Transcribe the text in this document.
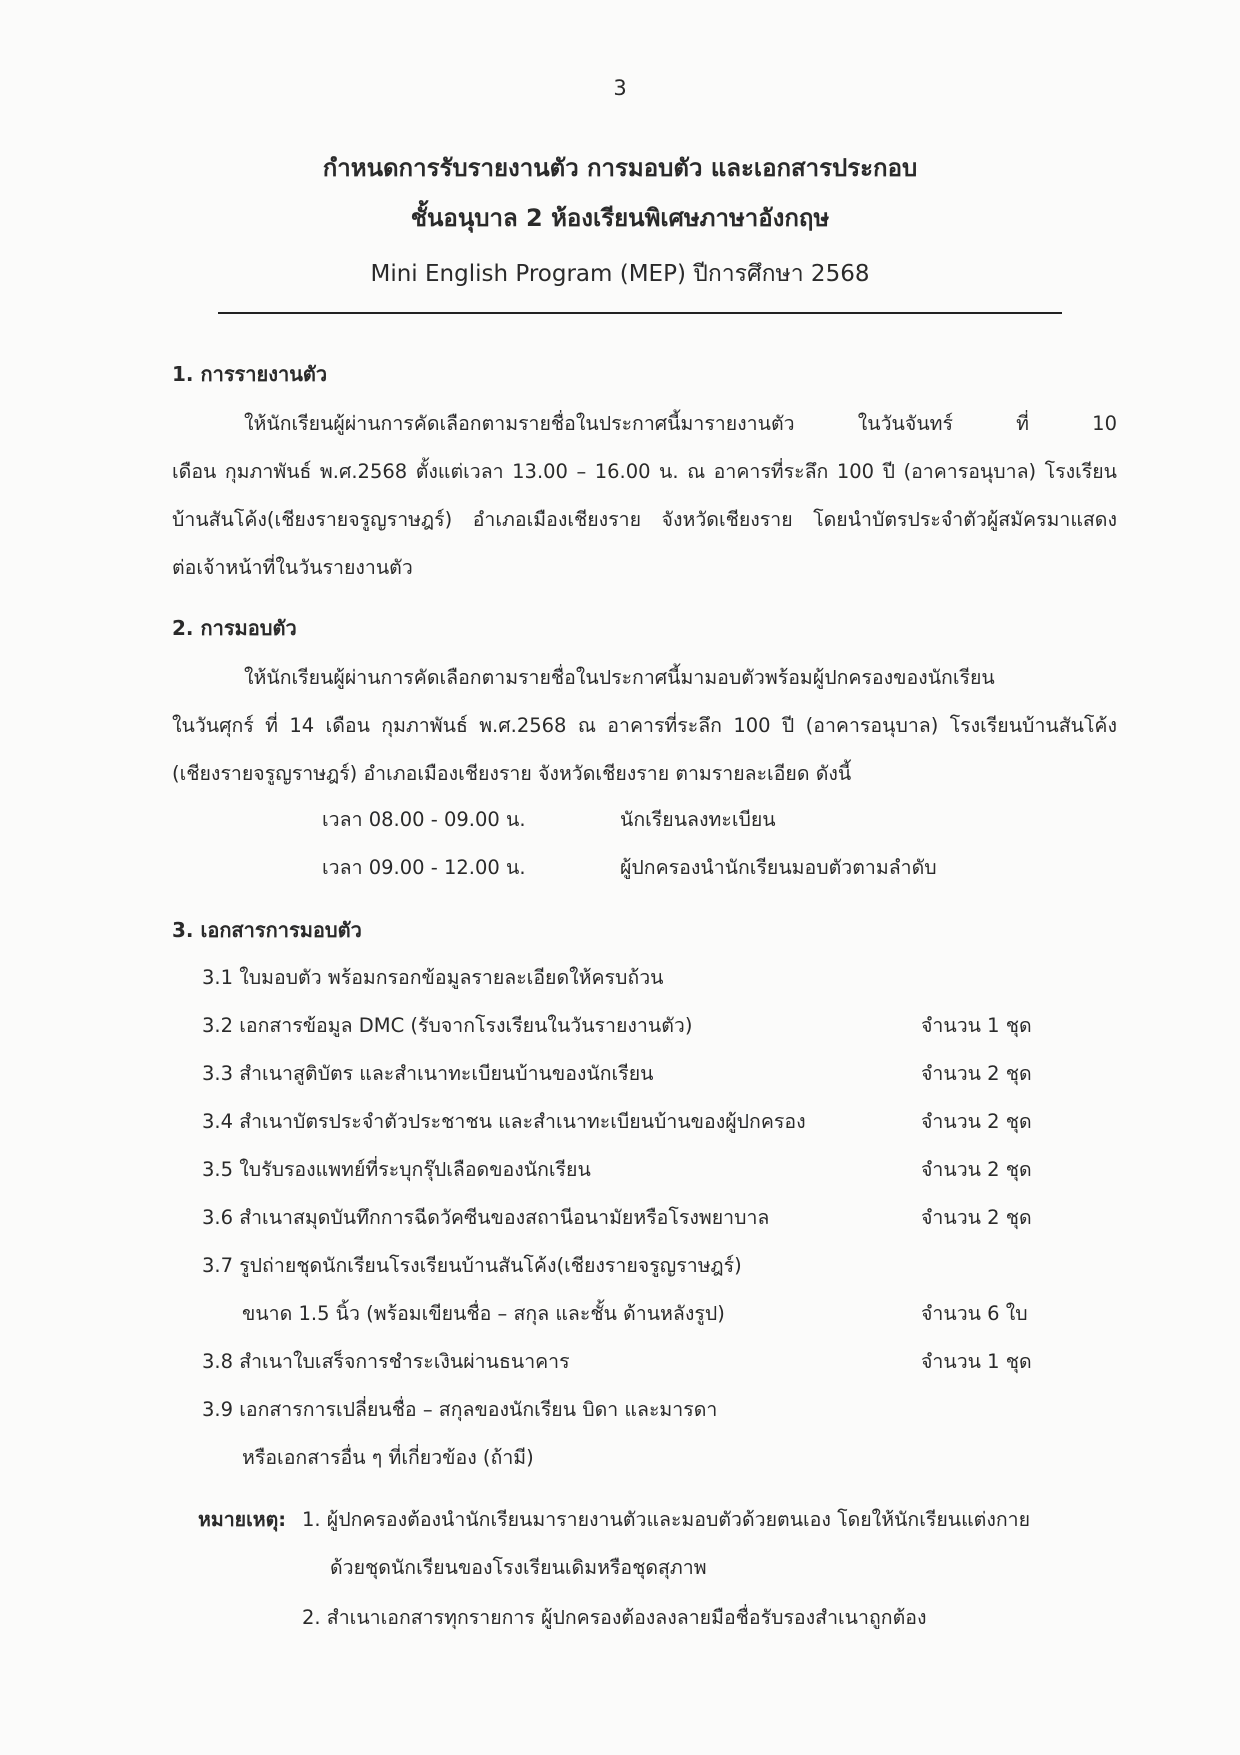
3
กำหนดการรับรายงานตัว การมอบตัว และเอกสารประกอบ
ชั้นอนุบาล 2 ห้องเรียนพิเศษภาษาอังกฤษ
Mini English Program (MEP) ปีการศึกษา 2568
1. การรายงานตัว
ให้นักเรียนผู้ผ่านการคัดเลือกตามรายชื่อในประกาศนี้มารายงานตัว ในวันจันทร์ ที่ 10
เดือน กุมภาพันธ์ พ.ศ.2568 ตั้งแต่เวลา 13.00 – 16.00 น. ณ อาคารที่ระลึก 100 ปี (อาคารอนุบาล) โรงเรียน
บ้านสันโค้ง(เชียงรายจรูญราษฎร์) อำเภอเมืองเชียงราย จังหวัดเชียงราย โดยนำบัตรประจำตัวผู้สมัครมาแสดง
ต่อเจ้าหน้าที่ในวันรายงานตัว
2. การมอบตัว
ให้นักเรียนผู้ผ่านการคัดเลือกตามรายชื่อในประกาศนี้มามอบตัวพร้อมผู้ปกครองของนักเรียน
ในวันศุกร์ ที่ 14 เดือน กุมภาพันธ์ พ.ศ.2568 ณ อาคารที่ระลึก 100 ปี (อาคารอนุบาล) โรงเรียนบ้านสันโค้ง
(เชียงรายจรูญราษฎร์) อำเภอเมืองเชียงราย จังหวัดเชียงราย ตามรายละเอียด ดังนี้
เวลา 08.00 - 09.00 น.	นักเรียนลงทะเบียน
เวลา 09.00 - 12.00 น.	ผู้ปกครองนำนักเรียนมอบตัวตามลำดับ
3. เอกสารการมอบตัว
3.1 ใบมอบตัว พร้อมกรอกข้อมูลรายละเอียดให้ครบถ้วน
3.2 เอกสารข้อมูล DMC (รับจากโรงเรียนในวันรายงานตัว)	จำนวน 1 ชุด
3.3 สำเนาสูติบัตร และสำเนาทะเบียนบ้านของนักเรียน	จำนวน 2 ชุด
3.4 สำเนาบัตรประจำตัวประชาชน และสำเนาทะเบียนบ้านของผู้ปกครอง	จำนวน 2 ชุด
3.5 ใบรับรองแพทย์ที่ระบุกรุ๊ปเลือดของนักเรียน	จำนวน 2 ชุด
3.6 สำเนาสมุดบันทึกการฉีดวัคซีนของสถานีอนามัยหรือโรงพยาบาล	จำนวน 2 ชุด
3.7 รูปถ่ายชุดนักเรียนโรงเรียนบ้านสันโค้ง(เชียงรายจรูญราษฎร์)
ขนาด 1.5 นิ้ว (พร้อมเขียนชื่อ – สกุล และชั้น ด้านหลังรูป)	จำนวน 6 ใบ
3.8 สำเนาใบเสร็จการชำระเงินผ่านธนาคาร	จำนวน 1 ชุด
3.9 เอกสารการเปลี่ยนชื่อ – สกุลของนักเรียน บิดา และมารดา
หรือเอกสารอื่น ๆ ที่เกี่ยวข้อง (ถ้ามี)
หมายเหตุ: 1. ผู้ปกครองต้องนำนักเรียนมารายงานตัวและมอบตัวด้วยตนเอง โดยให้นักเรียนแต่งกาย
ด้วยชุดนักเรียนของโรงเรียนเดิมหรือชุดสุภาพ
2. สำเนาเอกสารทุกรายการ ผู้ปกครองต้องลงลายมือชื่อรับรองสำเนาถูกต้อง
